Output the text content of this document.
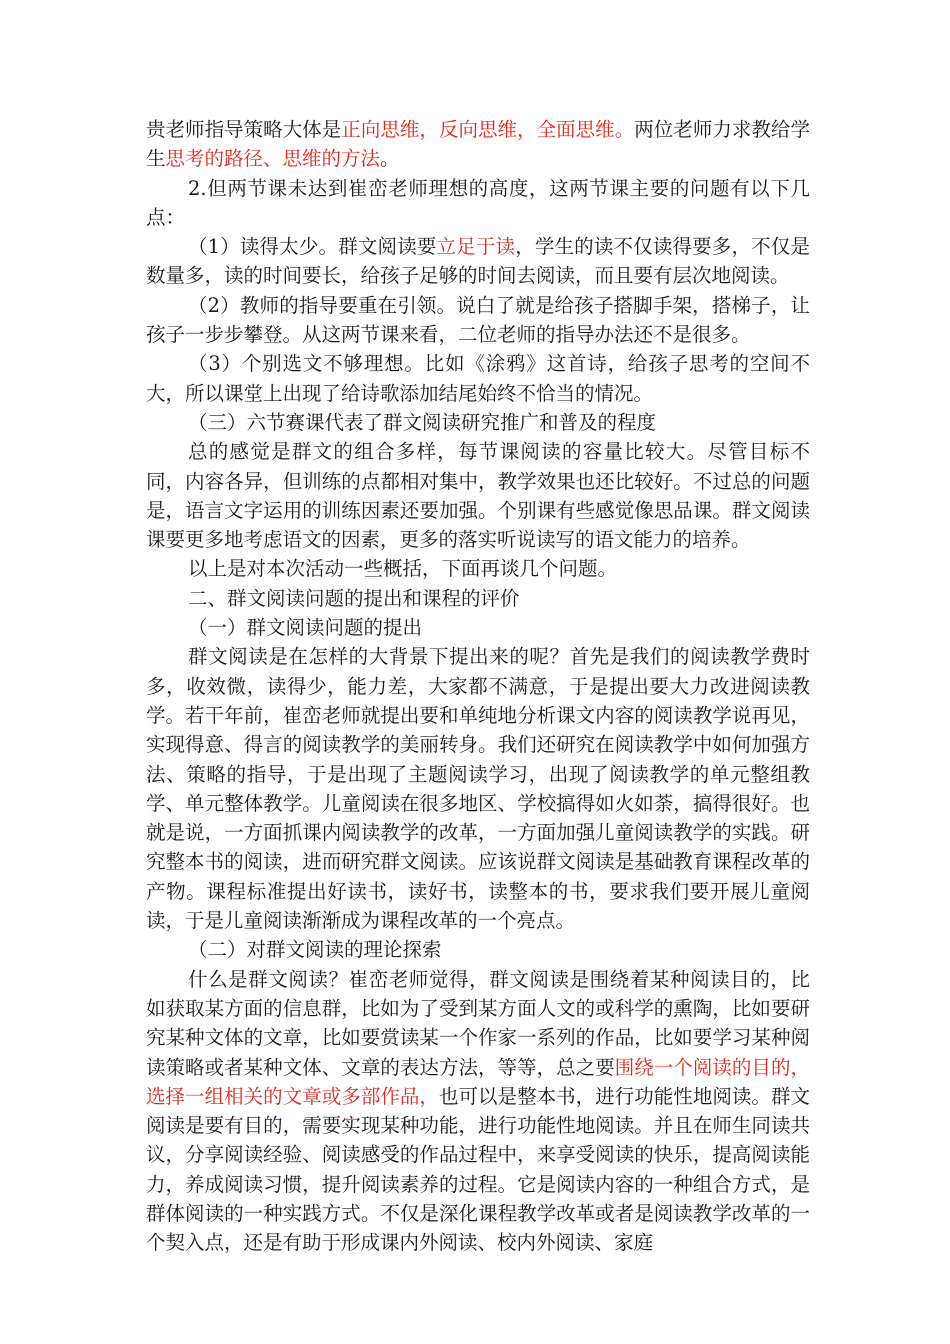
贵老师指导策略大体是正向思维，反向思维，全面思维。两位老师力求教给学生思考的路径、思维的方法。

2.但两节课未达到崔峦老师理想的高度，这两节课主要的问题有以下几点：

（1）读得太少。群文阅读要立足于读，学生的读不仅读得要多，不仅是数量多，读的时间要长，给孩子足够的时间去阅读，而且要有层次地阅读。

（2）教师的指导要重在引领。说白了就是给孩子搭脚手架，搭梯子，让孩子一步步攀登。从这两节课来看，二位老师的指导办法还不是很多。

（3）个别选文不够理想。比如《涂鸦》这首诗，给孩子思考的空间不大，所以课堂上出现了给诗歌添加结尾始终不恰当的情况。

（三）六节赛课代表了群文阅读研究推广和普及的程度

总的感觉是群文的组合多样，每节课阅读的容量比较大。尽管目标不同，内容各异，但训练的点都相对集中，教学效果也还比较好。不过总的问题是，语言文字运用的训练因素还要加强。个别课有些感觉像思品课。群文阅读课要更多地考虑语文的因素，更多的落实听说读写的语文能力的培养。

以上是对本次活动一些概括，下面再谈几个问题。

二、群文阅读问题的提出和课程的评价

（一）群文阅读问题的提出

群文阅读是在怎样的大背景下提出来的呢？首先是我们的阅读教学费时多，收效微，读得少，能力差，大家都不满意，于是提出要大力改进阅读教学。若干年前，崔峦老师就提出要和单纯地分析课文内容的阅读教学说再见，实现得意、得言的阅读教学的美丽转身。我们还研究在阅读教学中如何加强方法、策略的指导，于是出现了主题阅读学习，出现了阅读教学的单元整组教学、单元整体教学。儿童阅读在很多地区、学校搞得如火如荼，搞得很好。也就是说，一方面抓课内阅读教学的改革，一方面加强儿童阅读教学的实践。研究整本书的阅读，进而研究群文阅读。应该说群文阅读是基础教育课程改革的产物。课程标准提出好读书，读好书，读整本的书，要求我们要开展儿童阅读，于是儿童阅读渐渐成为课程改革的一个亮点。

（二）对群文阅读的理论探索

什么是群文阅读？崔峦老师觉得，群文阅读是围绕着某种阅读目的，比如获取某方面的信息群，比如为了受到某方面人文的或科学的熏陶，比如要研究某种文体的文章，比如要赏读某一个作家一系列的作品，比如要学习某种阅读策略或者某种文体、文章的表达方法，等等，总之要围绕一个阅读的目的，选择一组相关的文章或多部作品，也可以是整本书，进行功能性地阅读。群文阅读是要有目的，需要实现某种功能，进行功能性地阅读。并且在师生同读共议，分享阅读经验、阅读感受的作品过程中，来享受阅读的快乐，提高阅读能力，养成阅读习惯，提升阅读素养的过程。它是阅读内容的一种组合方式，是群体阅读的一种实践方式。不仅是深化课程教学改革或者是阅读教学改革的一个契入点，还是有助于形成课内外阅读、校内外阅读、家庭
